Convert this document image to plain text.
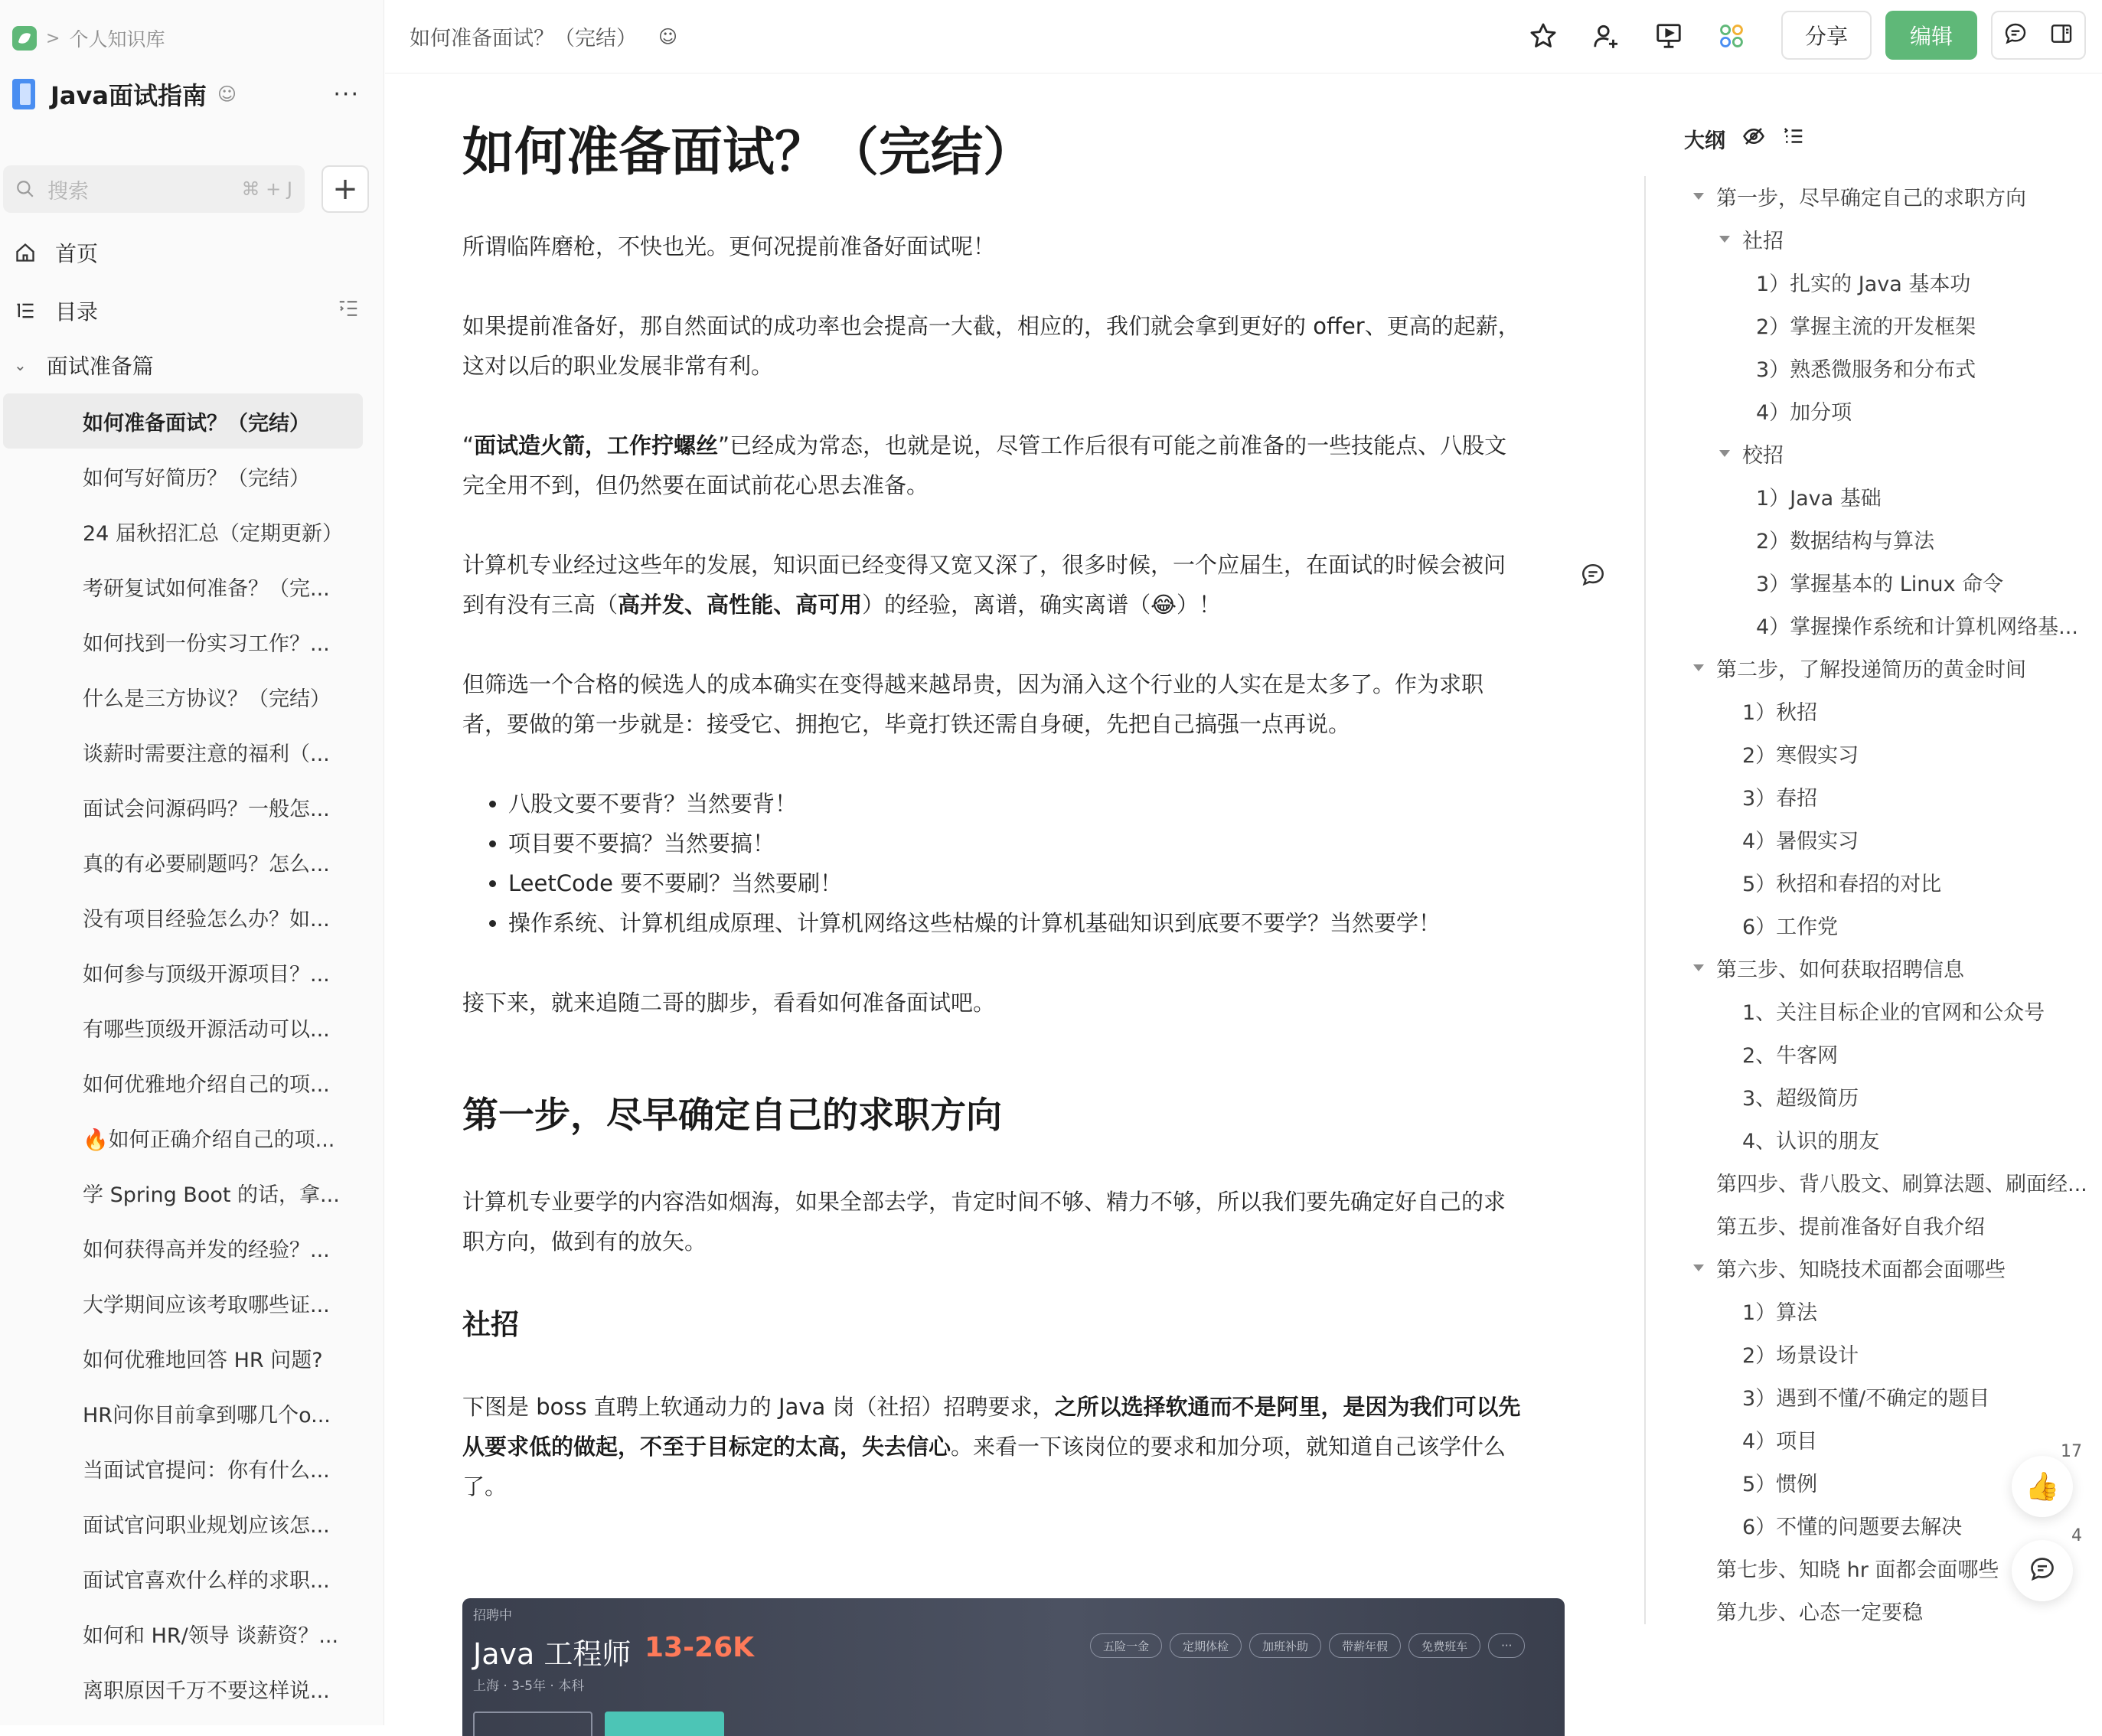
> 个人知识库
Java面试指南 ☺	···
搜索	⌘ + J	+
首页
目录
⌄ 面试准备篇
如何准备面试？（完结）
如何写好简历？（完结）
24 届秋招汇总（定期更新）
考研复试如何准备？（完...
如何找到一份实习工作？...
什么是三方协议？（完结）
谈薪时需要注意的福利（...
面试会问源码吗？一般怎...
真的有必要刷题吗？怎么...
没有项目经验怎么办？如...
如何参与顶级开源项目？...
有哪些顶级开源活动可以...
如何优雅地介绍自己的项...
🔥如何正确介绍自己的项...
学 Spring Boot 的话，拿...
如何获得高并发的经验？...
大学期间应该考取哪些证...
如何优雅地回答 HR 问题?
HR问你目前拿到哪几个o...
当面试官提问：你有什么...
面试官问职业规划应该怎...
面试官喜欢什么样的求职...
如何和 HR/领导 谈薪资？...
离职原因千万不要这样说...
如何准备面试？（完结） ☺	分享	编辑
如何准备面试？（完结）

所谓临阵磨枪，不快也光。更何况提前准备好面试呢！

如果提前准备好，那自然面试的成功率也会提高一大截，相应的，我们就会拿到更好的 offer、更高的起薪，
这对以后的职业发展非常有利。

“面试造火箭，工作拧螺丝”已经成为常态，也就是说，尽管工作后很有可能之前准备的一些技能点、八股文
完全用不到，但仍然要在面试前花心思去准备。

计算机专业经过这些年的发展，知识面已经变得又宽又深了，很多时候，一个应届生，在面试的时候会被问
到有没有三高（高并发、高性能、高可用）的经验，离谱，确实离谱（😂）！

但筛选一个合格的候选人的成本确实在变得越来越昂贵，因为涌入这个行业的人实在是太多了。作为求职
者，要做的第一步就是：接受它、拥抱它，毕竟打铁还需自身硬，先把自己搞强一点再说。

• 八股文要不要背？当然要背！
• 项目要不要搞？当然要搞！
• LeetCode 要不要刷？当然要刷！
• 操作系统、计算机组成原理、计算机网络这些枯燥的计算机基础知识到底要不要学？当然要学！

接下来，就来追随二哥的脚步，看看如何准备面试吧。

第一步，尽早确定自己的求职方向

计算机专业要学的内容浩如烟海，如果全部去学，肯定时间不够、精力不够，所以我们要先确定好自己的求
职方向，做到有的放矢。

社招

下图是 boss 直聘上软通动力的 Java 岗（社招）招聘要求，之所以选择软通而不是阿里，是因为我们可以先
从要求低的做起，不至于目标定的太高，失去信心。来看一下该岗位的要求和加分项，就知道自己该学什么
了。

招聘中
Java 工程师 13-26K
上海 · 3-5年 · 本科
五险一金	定期体检	加班补助	带薪年假	免费班车	···
大纲
第一步，尽早确定自己的求职方向
社招
1）扎实的 Java 基本功
2）掌握主流的开发框架
3）熟悉微服务和分布式
4）加分项
校招
1）Java 基础
2）数据结构与算法
3）掌握基本的 Linux 命令
4）掌握操作系统和计算机网络基...
第二步，了解投递简历的黄金时间
1）秋招
2）寒假实习
3）春招
4）暑假实习
5）秋招和春招的对比
6）工作党
第三步、如何获取招聘信息
1、关注目标企业的官网和公众号
2、牛客网
3、超级简历
4、认识的朋友
第四步、背八股文、刷算法题、刷面经...
第五步、提前准备好自我介绍
第六步、知晓技术面都会面哪些
1）算法
2）场景设计
3）遇到不懂/不确定的题目
4）项目
5）惯例
6）不懂的问题要去解决
第七步、知晓 hr 面都会面哪些
第九步、心态一定要稳
👍
17
4
